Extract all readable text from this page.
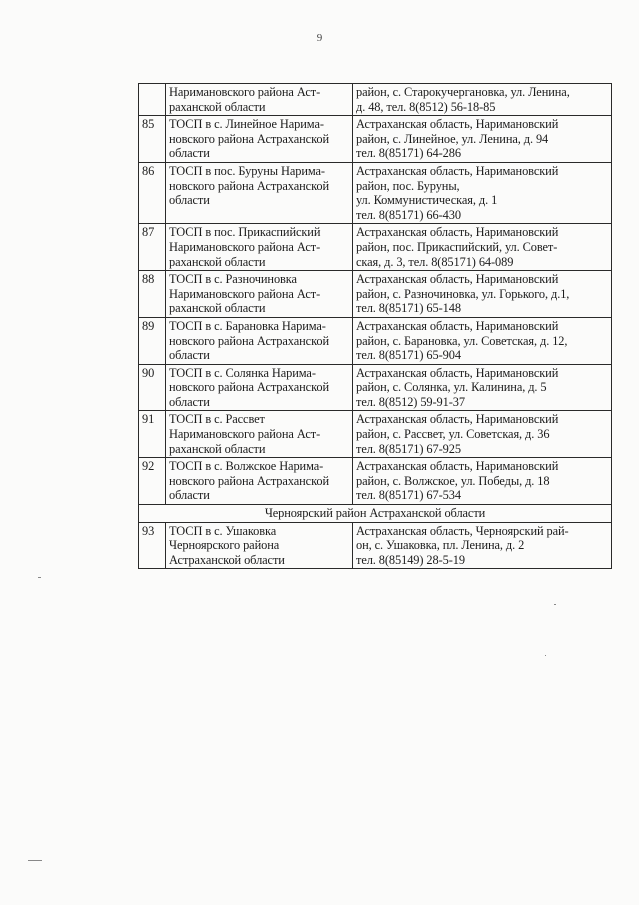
9
	Наримановского района Аст-
раханской области	район, с. Старокучергановка, ул. Ленина,
д. 48, тел. 8(8512) 56-18-85
85	ТОСП в с. Линейное Нарима-
новского района Астраханской
области	Астраханская область, Наримановский
район, с. Линейное, ул. Ленина, д. 94
тел. 8(85171) 64-286
86	ТОСП в пос. Буруны Нарима-
новского района Астраханской
области	Астраханская область, Наримановский
район, пос. Буруны,
ул. Коммунистическая, д. 1
тел. 8(85171) 66-430
87	ТОСП в пос. Прикаспийский
Наримановского района Аст-
раханской области	Астраханская область, Наримановский
район, пос. Прикаспийский, ул. Совет-
ская, д. 3, тел. 8(85171) 64-089
88	ТОСП в с. Разночиновка
Наримановского района Аст-
раханской области	Астраханская область, Наримановский
район, с. Разночиновка, ул. Горького, д.1,
тел. 8(85171) 65-148
89	ТОСП в с. Барановка Нарима-
новского района Астраханской
области	Астраханская область, Наримановский
район, с. Барановка, ул. Советская, д. 12,
тел. 8(85171) 65-904
90	ТОСП в с. Солянка Нарима-
новского района Астраханской
области	Астраханская область, Наримановский
район, с. Солянка, ул. Калинина, д. 5
тел. 8(8512) 59-91-37
91	ТОСП в с. Рассвет
Наримановского района Аст-
раханской области	Астраханская область, Наримановский
район, с. Рассвет, ул. Советская, д. 36
тел. 8(85171) 67-925
92	ТОСП в с. Волжское Нарима-
новского района Астраханской
области	Астраханская область, Наримановский
район, с. Волжское, ул. Победы, д. 18
тел. 8(85171) 67-534
Черноярский район Астраханской области		
93	ТОСП в с. Ушаковка
Черноярского района
Астраханской области	Астраханская область, Черноярский рай-
он, с. Ушаковка, пл. Ленина, д. 2
тел. 8(85149) 28-5-19
